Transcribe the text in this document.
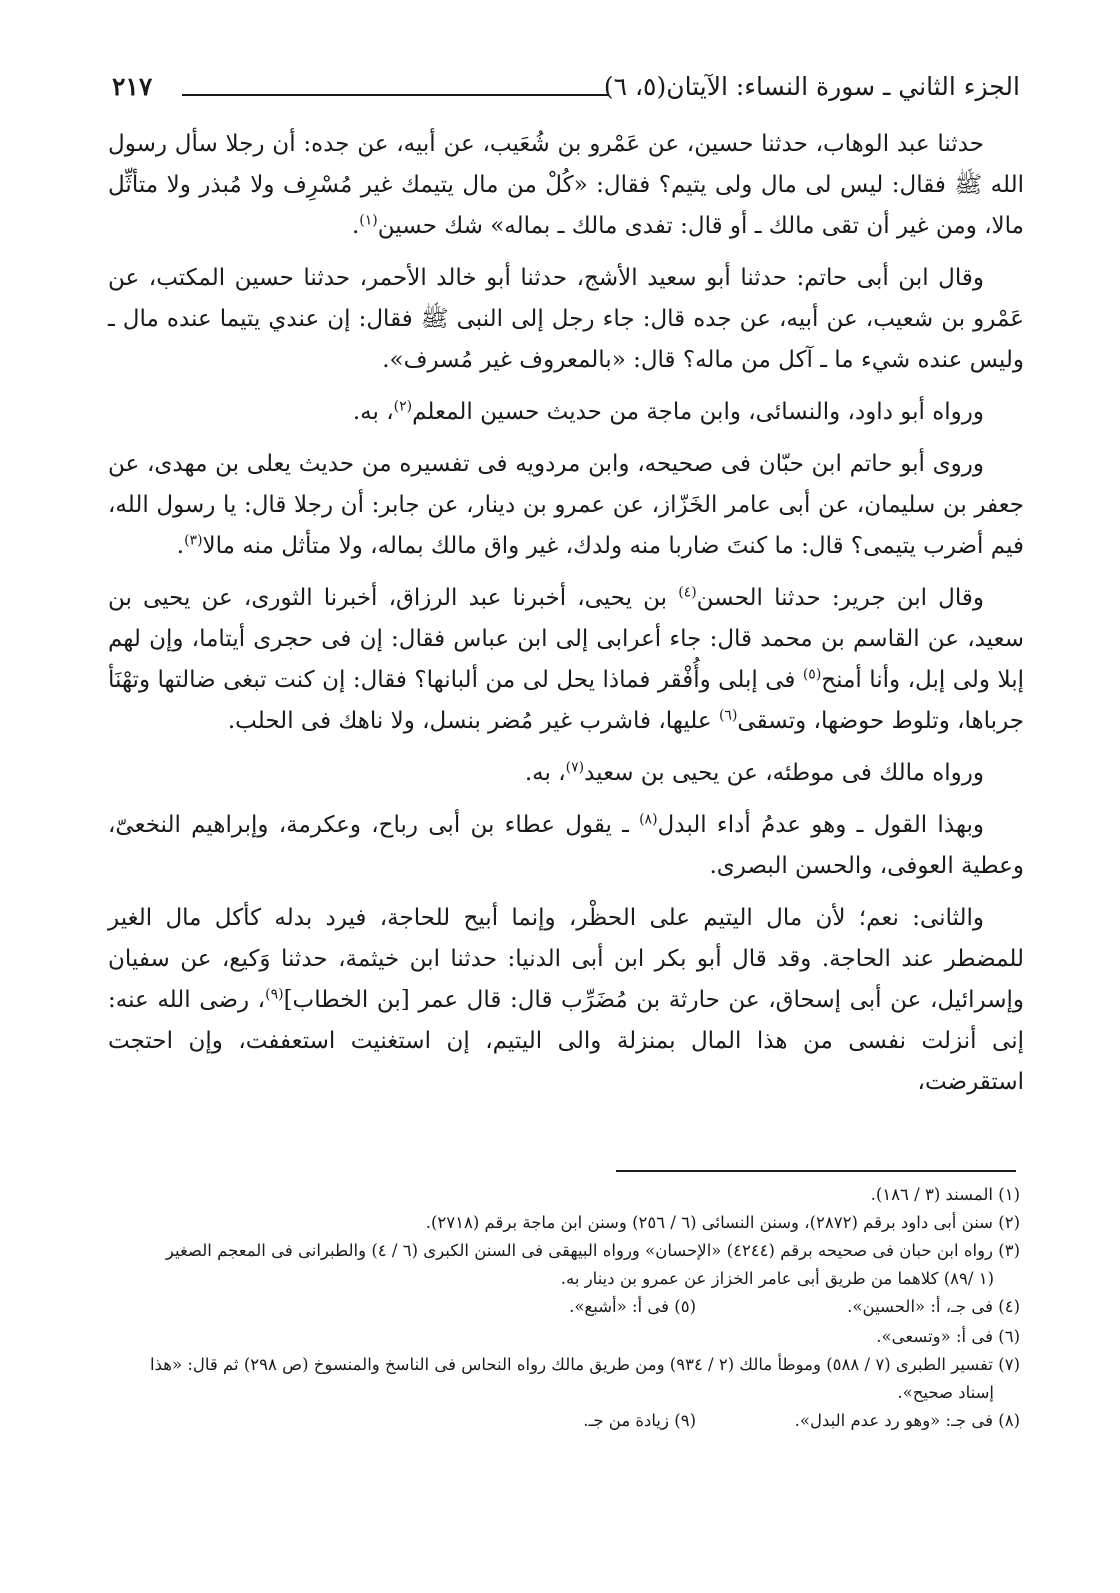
الجزء الثاني ـ سورة النساء: الآيتان(٥، ٦)
٢١٧

حدثنا عبد الوهاب، حدثنا حسين، عن عَمْرو بن شُعَيب، عن أبيه، عن جده: أن رجلا سأل رسول الله ﷺ فقال: ليس لى مال ولى يتيم؟ فقال: «كُلْ من مال يتيمك غير مُسْرِف ولا مُبذر ولا متأثِّل مالا، ومن غير أن تقى مالك ـ أو قال: تفدى مالك ـ بماله» شك حسين$^{(١)}$.

وقال ابن أبى حاتم: حدثنا أبو سعيد الأشج، حدثنا أبو خالد الأحمر، حدثنا حسين المكتب، عن عَمْرو بن شعيب، عن أبيه، عن جده قال: جاء رجل إلى النبى ﷺ فقال: إن عندي يتيما عنده مال ـ وليس عنده شيء ما ـ آكل من ماله؟ قال: «بالمعروف غير مُسرف».

ورواه أبو داود، والنسائى، وابن ماجة من حديث حسين المعلم$^{(٢)}$، به.

وروى أبو حاتم ابن حبّان فى صحيحه، وابن مردويه فى تفسيره من حديث يعلى بن مهدى، عن جعفر بن سليمان، عن أبى عامر الخَزّاز، عن عمرو بن دينار، عن جابر: أن رجلا قال: يا رسول الله، فيم أضرب يتيمى؟ قال: ما كنتَ ضاربا منه ولدك، غير واق مالك بماله، ولا متأثل منه مالا$^{(٣)}$.

وقال ابن جرير: حدثنا الحسن$^{(٤)}$ بن يحيى، أخبرنا عبد الرزاق، أخبرنا الثورى، عن يحيى بن سعيد، عن القاسم بن محمد قال: جاء أعرابى إلى ابن عباس فقال: إن فى حجرى أيتاما، وإن لهم إبلا ولى إبل، وأنا أمنح$^{(٥)}$ فى إبلى وأُفْقر فماذا يحل لى من ألبانها؟ فقال: إن كنت تبغى ضالتها وتهْنَأ جرباها، وتلوط حوضها، وتسقى$^{(٦)}$ عليها، فاشرب غير مُضر بنسل، ولا ناهك فى الحلب.

ورواه مالك فى موطئه، عن يحيى بن سعيد$^{(٧)}$، به.

وبهذا القول ـ وهو عدمُ أداء البدل$^{(٨)}$ ـ يقول عطاء بن أبى رباح، وعكرمة، وإبراهيم النخعىّ، وعطية العوفى، والحسن البصرى.

والثانى: نعم؛ لأن مال اليتيم على الحظْر، وإنما أبيح للحاجة، فيرد بدله كأكل مال الغير للمضطر عند الحاجة. وقد قال أبو بكر ابن أبى الدنيا: حدثنا ابن خيثمة، حدثنا وَكيع، عن سفيان وإسرائيل، عن أبى إسحاق، عن حارثة بن مُضَرِّب قال: قال عمر [بن الخطاب]$^{(٩)}$، رضى الله عنه: إنى أنزلت نفسى من هذا المال بمنزلة والى اليتيم، إن استغنيت استعففت، وإن احتجت استقرضت،

(١) المسند (٣ / ١٨٦).
(٢) سنن أبى داود برقم (٢٨٧٢)، وسنن النسائى (٦ / ٢٥٦) وسنن ابن ماجة برقم (٢٧١٨).
(٣) رواه ابن حبان فى صحيحه برقم (٤٢٤٤) «الإحسان» ورواه البيهقى فى السنن الكبرى (٦ / ٤) والطبرانى فى المعجم الصغير
(١ /٨٩) كلاهما من طريق أبى عامر الخزاز عن عمرو بن دينار به.
(٤) فى جـ، أ: «الحسين».
(٥) فى أ: «أشبع».
(٦) فى أ: «وتسعى».
(٧) تفسير الطبرى (٧ / ٥٨٨) وموطأ مالك (٢ / ٩٣٤) ومن طريق مالك رواه النحاس فى الناسخ والمنسوخ (ص ٢٩٨) ثم قال: «هذا
إسناد صحيح».
(٨) فى جـ: «وهو رد عدم البدل».
(٩) زيادة من جـ.
